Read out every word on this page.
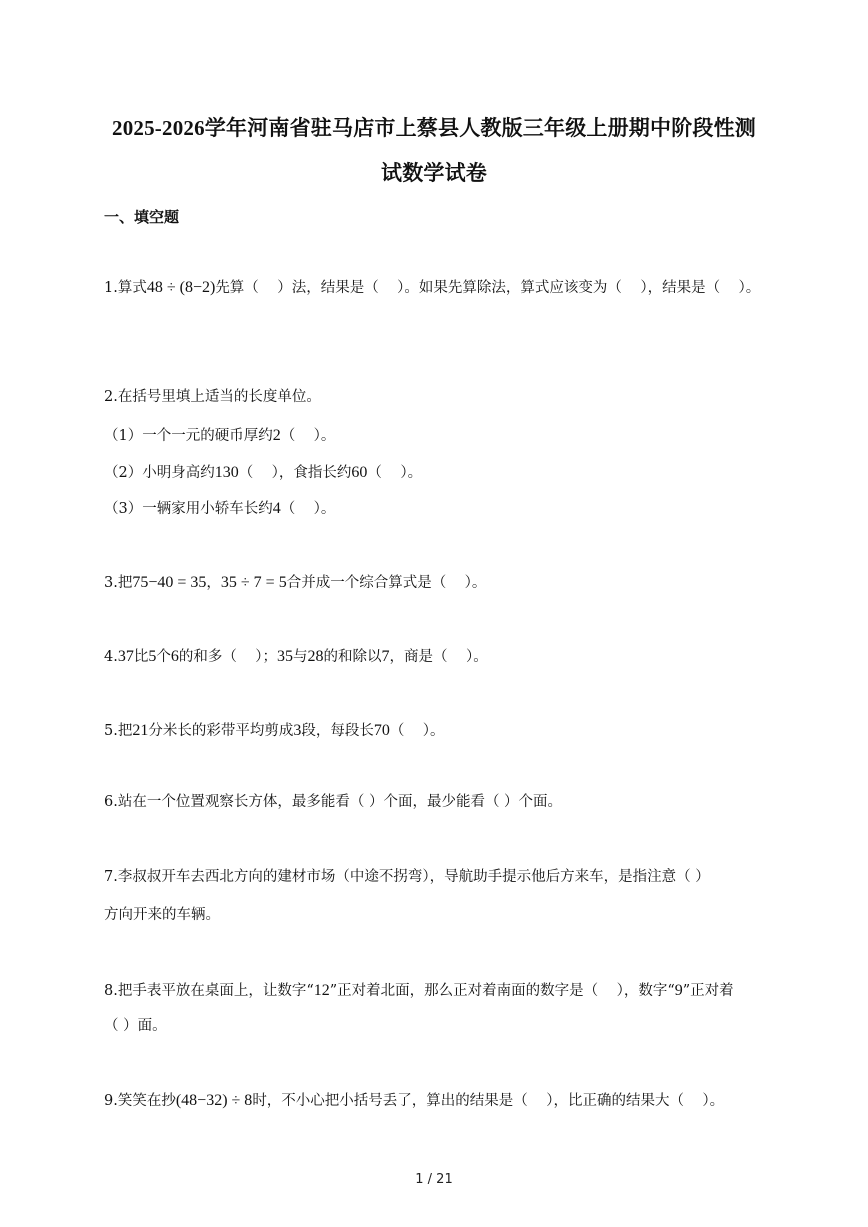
2025-2026学年河南省驻马店市上蔡县人教版三年级上册期中阶段性测
试数学试卷
一、填空题
1.算式48 ÷ (8−2)先算（    ）法，结果是（    ）。如果先算除法，算式应该变为（    ），结果是（    ）。
2.在括号里填上适当的长度单位。
（1）一个一元的硬币厚约2（    ）。
（2）小明身高约130（    ），食指长约60（    ）。
（3）一辆家用小轿车长约4（    ）。
3.把75−40 = 35，35 ÷ 7 = 5合并成一个综合算式是（    ）。
4.37比5个6的和多（    ）；35与28的和除以7，商是（    ）。
5.把21分米长的彩带平均剪成3段，每段长70（    ）。
6.站在一个位置观察长方体，最多能看（ ）个面，最少能看（ ）个面。
7.李叔叔开车去西北方向的建材市场（中途不拐弯），导航助手提示他后方来车，是指注意（ ）
方向开来的车辆。
8.把手表平放在桌面上，让数字“12”正对着北面，那么正对着南面的数字是（    ），数字“9”正对着
（ ）面。
9.笑笑在抄(48−32) ÷ 8时，不小心把小括号丢了，算出的结果是（    ），比正确的结果大（    ）。
1 / 21
